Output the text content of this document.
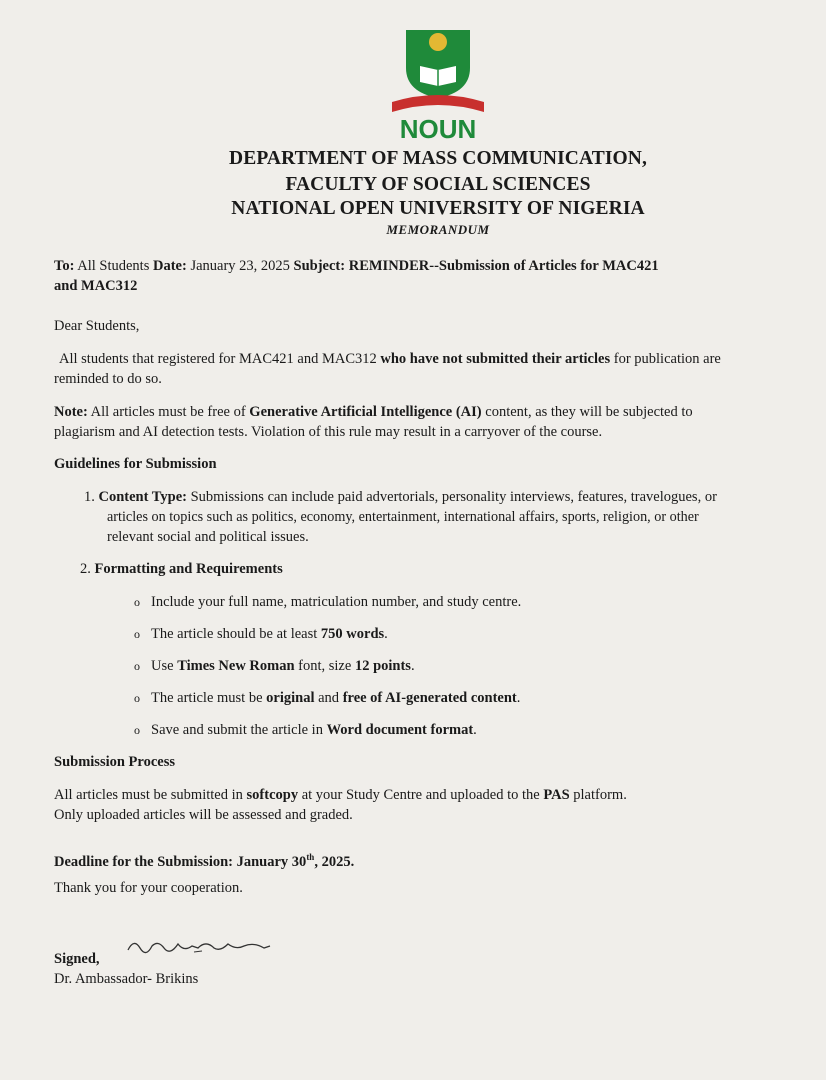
NOUN
DEPARTMENT OF MASS COMMUNICATION,
FACULTY OF SOCIAL SCIENCES
NATIONAL OPEN UNIVERSITY OF NIGERIA
MEMORANDUM
To: All Students Date: January 23, 2025 Subject: REMINDER--Submission of Articles for MAC421
and MAC312
Dear Students,
All students that registered for MAC421 and MAC312 who have not submitted their articles for publication are
reminded to do so.
Note: All articles must be free of Generative Artificial Intelligence (AI) content, as they will be subjected to
plagiarism and AI detection tests. Violation of this rule may result in a carryover of the course.
Guidelines for Submission
1. Content Type: Submissions can include paid advertorials, personality interviews, features, travelogues, or
articles on topics such as politics, economy, entertainment, international affairs, sports, religion, or other
relevant social and political issues.
2. Formatting and Requirements
o Include your full name, matriculation number, and study centre.
o The article should be at least 750 words.
o Use Times New Roman font, size 12 points.
o The article must be original and free of AI-generated content.
o Save and submit the article in Word document format.
Submission Process
All articles must be submitted in softcopy at your Study Centre and uploaded to the PAS platform.
Only uploaded articles will be assessed and graded.
Deadline for the Submission: January 30th, 2025.
Thank you for your cooperation.
Signed,
Dr. Ambassador- Brikins
